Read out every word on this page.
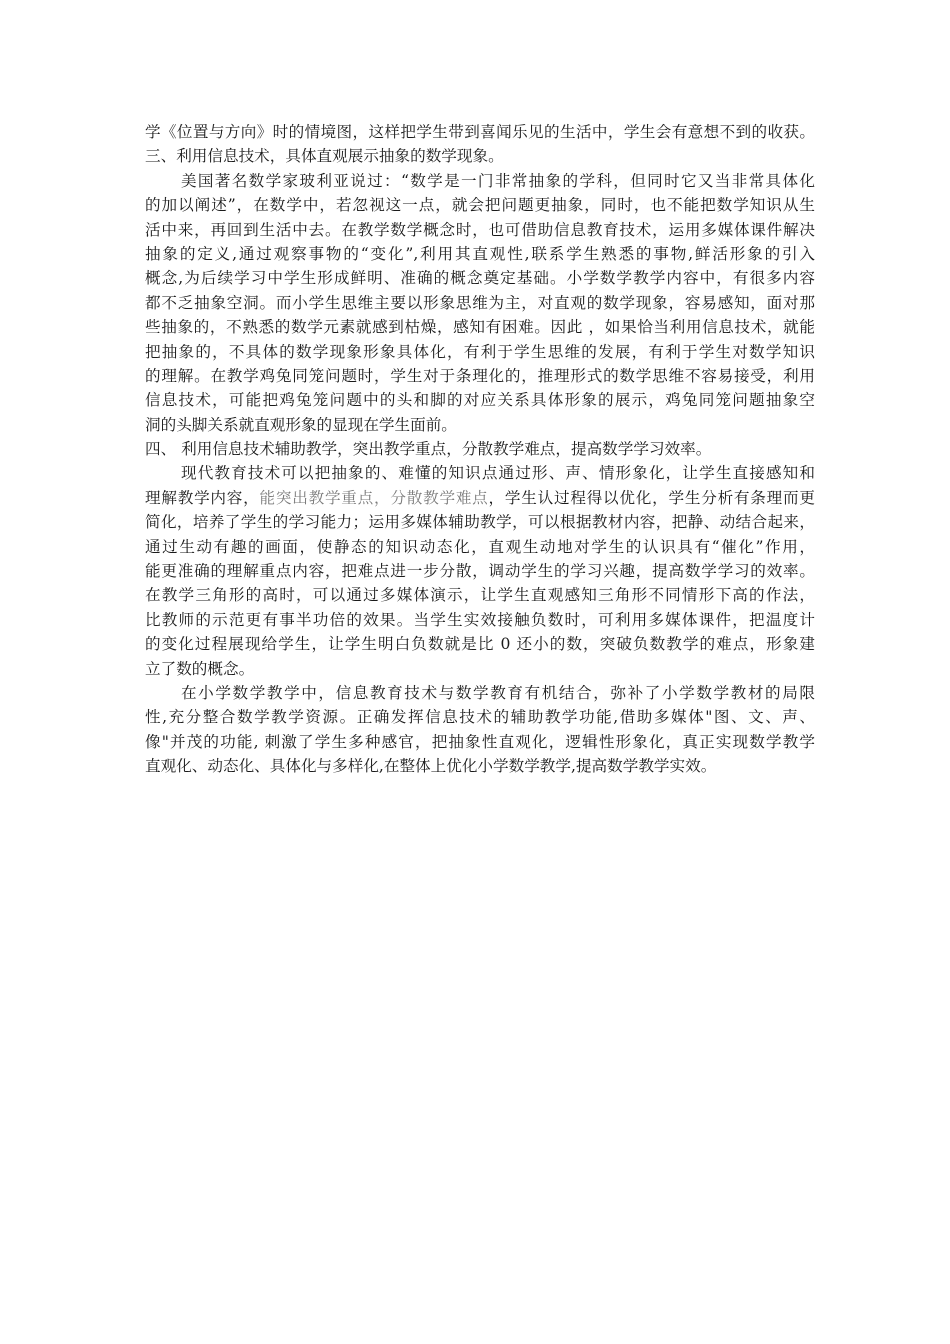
学《位置与方向》时的情境图，这样把学生带到喜闻乐见的生活中，学生会有意想不到的收获。
三、利用信息技术，具体直观展示抽象的数学现象。
美国著名数学家玻利亚说过：“数学是一门非常抽象的学科，但同时它又当非常具体化
的加以阐述”，在数学中，若忽视这一点，就会把问题更抽象，同时，也不能把数学知识从生
活中来，再回到生活中去。在教学数学概念时，也可借助信息教育技术，运用多媒体课件解决
抽象的定义,通过观察事物的“变化”,利用其直观性,联系学生熟悉的事物,鲜活形象的引入
概念,为后续学习中学生形成鲜明、准确的概念奠定基础。小学数学教学内容中，有很多内容
都不乏抽象空洞。而小学生思维主要以形象思维为主，对直观的数学现象，容易感知，面对那
些抽象的，不熟悉的数学元素就感到枯燥，感知有困难。因此 ，如果恰当利用信息技术，就能
把抽象的，不具体的数学现象形象具体化，有利于学生思维的发展，有利于学生对数学知识
的理解。在教学鸡兔同笼问题时，学生对于条理化的，推理形式的数学思维不容易接受，利用
信息技术，可能把鸡兔笼问题中的头和脚的对应关系具体形象的展示，鸡兔同笼问题抽象空
洞的头脚关系就直观形象的显现在学生面前。
四、 利用信息技术辅助教学，突出教学重点，分散教学难点，提高数学学习效率。
现代教育技术可以把抽象的、难懂的知识点通过形、声、情形象化，让学生直接感知和
理解教学内容，能突出教学重点，分散教学难点，学生认过程得以优化，学生分析有条理而更
简化，培养了学生的学习能力；运用多媒体辅助教学，可以根据教材内容，把静、动结合起来，
通过生动有趣的画面，使静态的知识动态化，直观生动地对学生的认识具有“催化”作用，
能更准确的理解重点内容，把难点进一步分散，调动学生的学习兴趣，提高数学学习的效率。
在教学三角形的高时，可以通过多媒体演示，让学生直观感知三角形不同情形下高的作法，
比教师的示范更有事半功倍的效果。当学生实效接触负数时，可利用多媒体课件，把温度计
的变化过程展现给学生，让学生明白负数就是比 0 还小的数，突破负数教学的难点，形象建
立了数的概念。
在小学数学教学中，信息教育技术与数学教育有机结合，弥补了小学数学教材的局限
性,充分整合数学教学资源。正确发挥信息技术的辅助教学功能,借助多媒体"图、文、声、
像"并茂的功能, 刺激了学生多种感官，把抽象性直观化，逻辑性形象化，真正实现数学教学
直观化、动态化、具体化与多样化,在整体上优化小学数学教学,提高数学教学实效。
